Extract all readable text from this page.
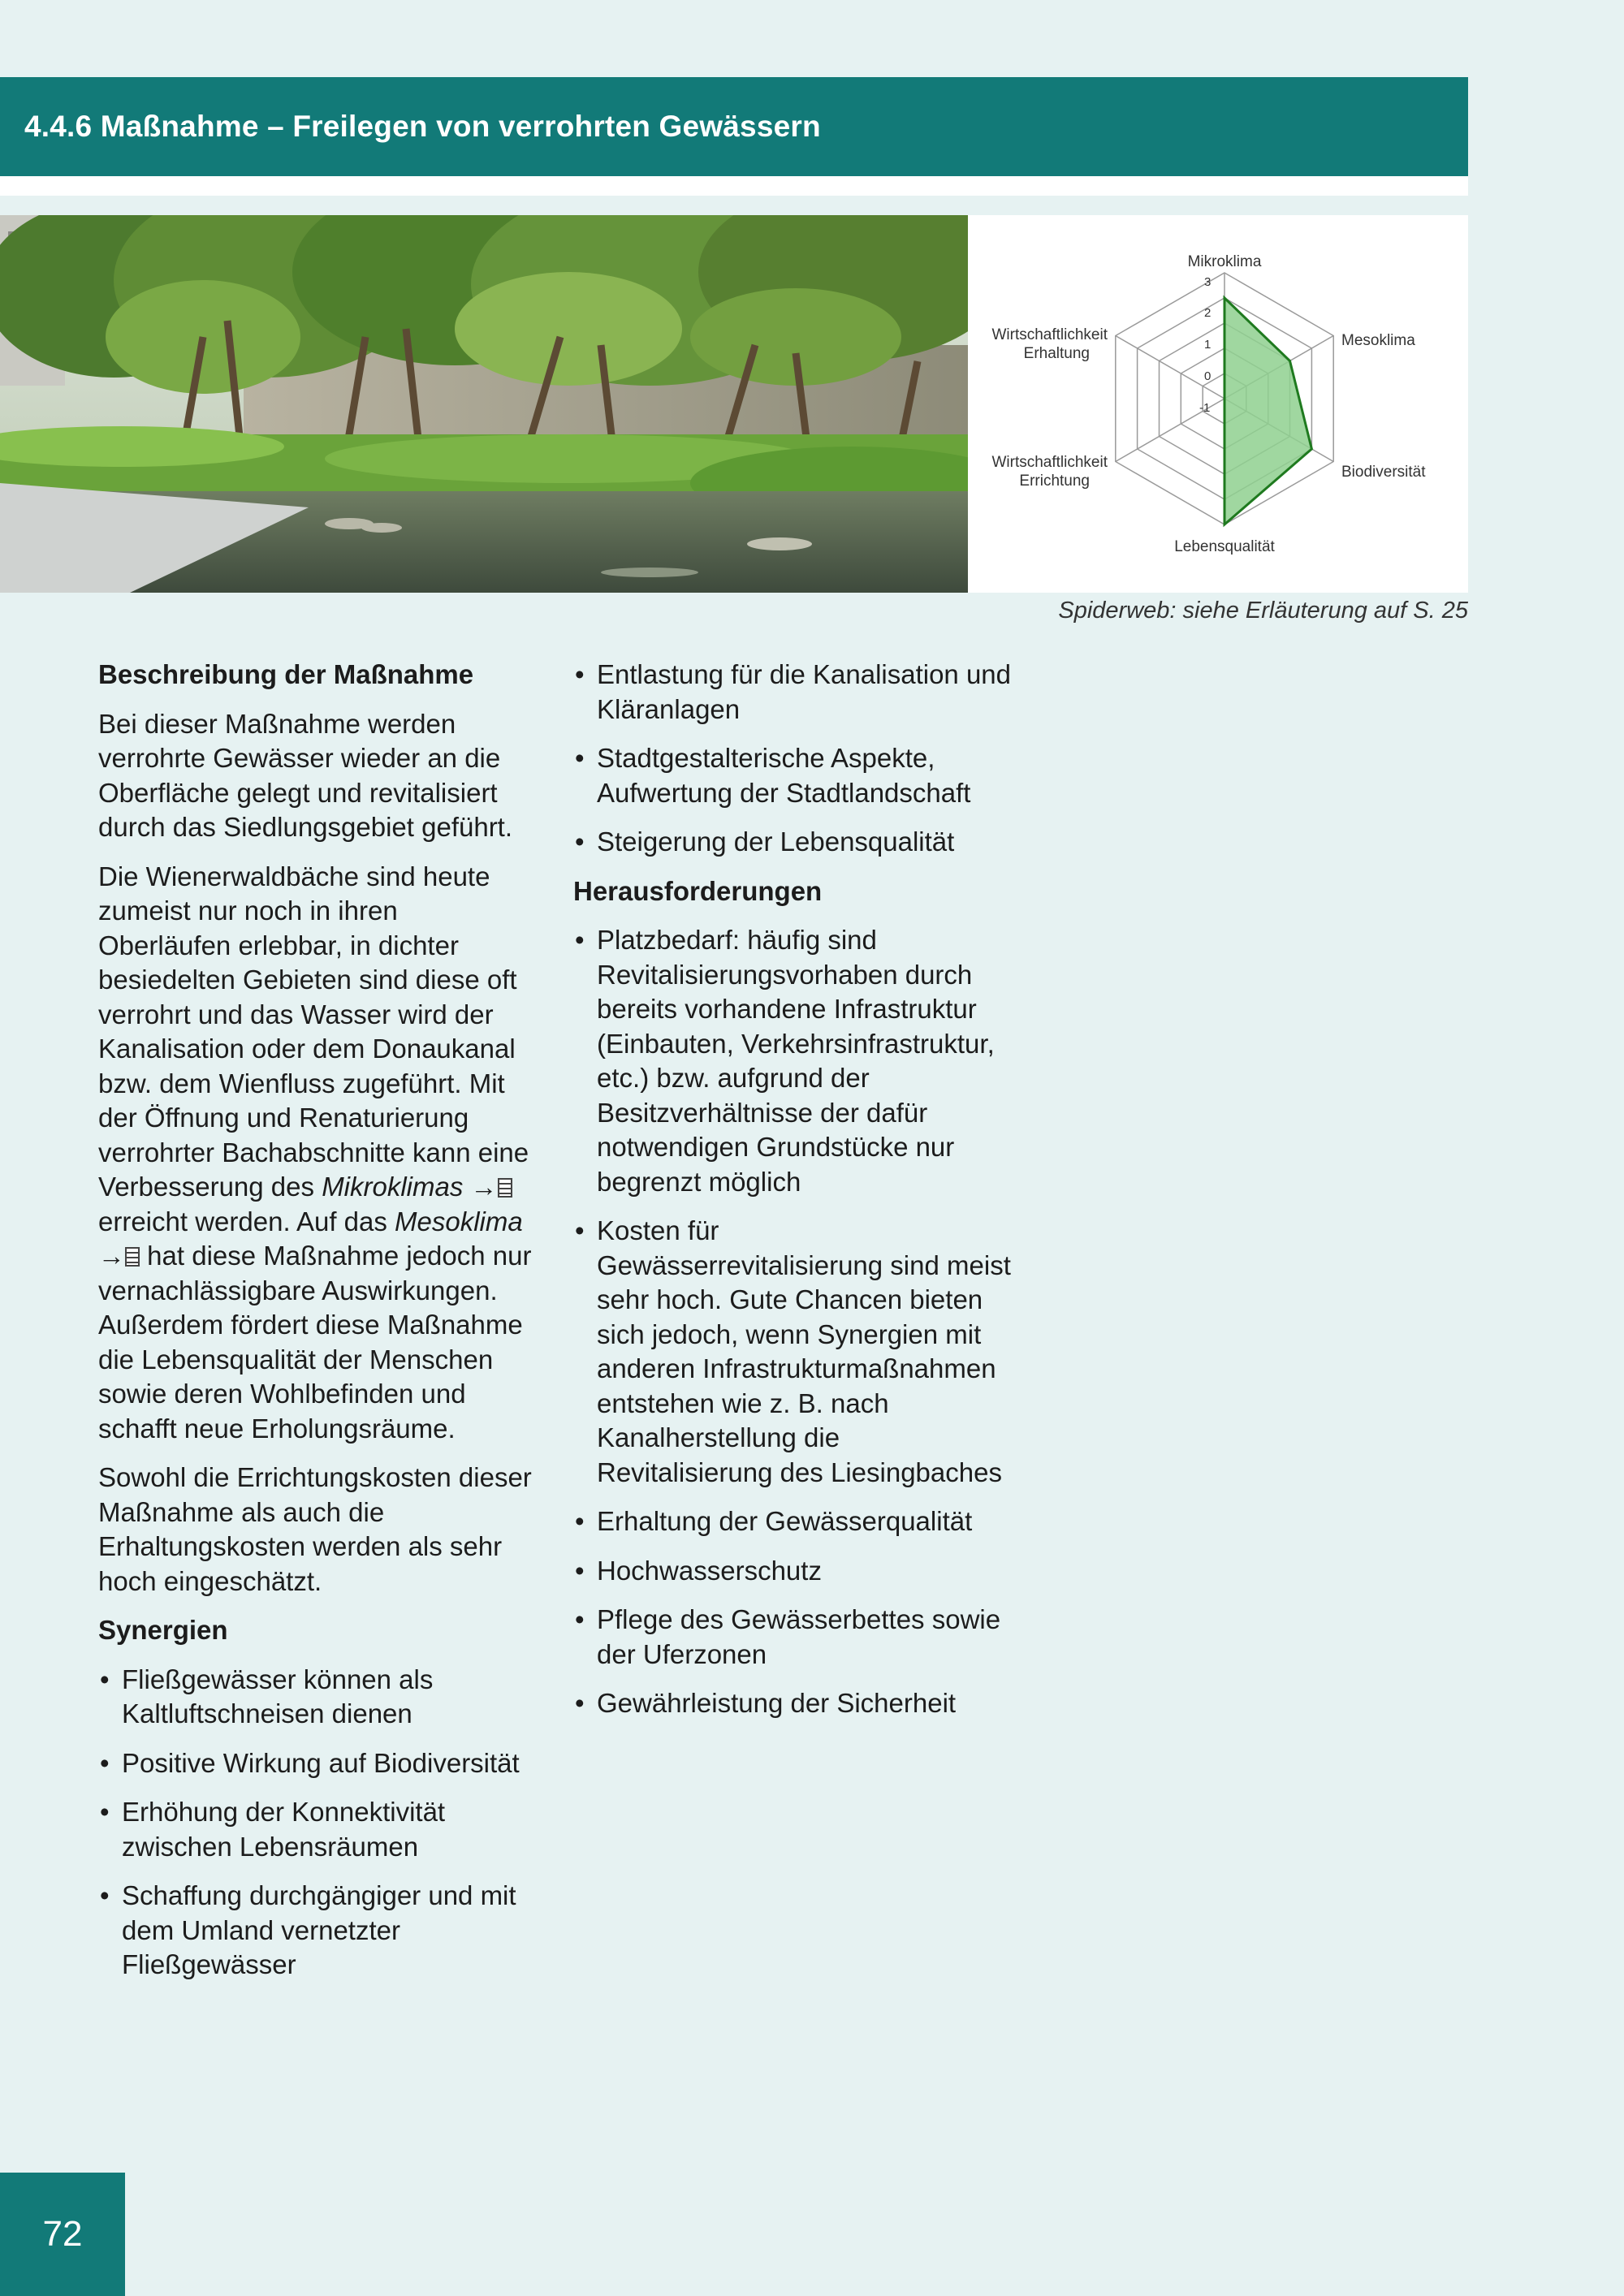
4.4.6 Maßnahme – Freilegen von verrohrten Gewässern
Mikroklima
Mesoklima
Biodiversität
Lebensqualität
Wirtschaftlichkeit
Errichtung
Wirtschaftlichkeit
Erhaltung
3
2
1
0
-1
Spiderweb: siehe Erläuterung auf S. 25
Beschreibung der Maßnahme

Bei dieser Maßnahme werden verrohrte Gewässer wieder an die Oberfläche gelegt und revitalisiert durch das Siedlungsgebiet geführt.

Die Wienerwaldbäche sind heute zumeist nur noch in ihren Oberläufen erlebbar, in dichter besiedelten Gebieten sind diese oft verrohrt und das Wasser wird der Kanalisation oder dem Donaukanal bzw. dem Wienfluss zugeführt. Mit der Öffnung und Renaturierung verrohrter Bachabschnitte kann eine Verbesserung des Mikroklimas → erreicht werden. Auf das Mesoklima → hat diese Maßnahme jedoch nur vernachlässigbare Auswirkungen. Außerdem fördert diese Maßnahme die Lebensqualität der Menschen sowie deren Wohlbefinden und schafft neue Erholungsräume.

Sowohl die Errichtungskosten dieser Maßnahme als auch die Erhaltungskosten werden als sehr hoch eingeschätzt.

Synergien
• Fließgewässer können als Kaltluftschneisen dienen
• Positive Wirkung auf Biodiversität
• Erhöhung der Konnektivität zwischen Lebensräumen
• Schaffung durchgängiger und mit dem Umland vernetzter Fließgewässer
• Entlastung für die Kanalisation und Kläranlagen
• Stadtgestalterische Aspekte, Aufwertung der Stadtlandschaft
• Steigerung der Lebensqualität
Herausforderungen
• Platzbedarf: häufig sind Revitalisierungsvorhaben durch bereits vorhandene Infrastruktur (Einbauten, Verkehrsinfrastruktur, etc.) bzw. aufgrund der Besitzverhältnisse der dafür notwendigen Grundstücke nur begrenzt möglich
• Kosten für Gewässerrevitalisierung sind meist sehr hoch. Gute Chancen bieten sich jedoch, wenn Synergien mit anderen Infrastrukturmaßnahmen entstehen wie z. B. nach Kanalherstellung die Revitalisierung des Liesingbaches
• Erhaltung der Gewässerqualität
• Hochwasserschutz
• Pflege des Gewässerbettes sowie der Uferzonen
• Gewährleistung der Sicherheit
72
